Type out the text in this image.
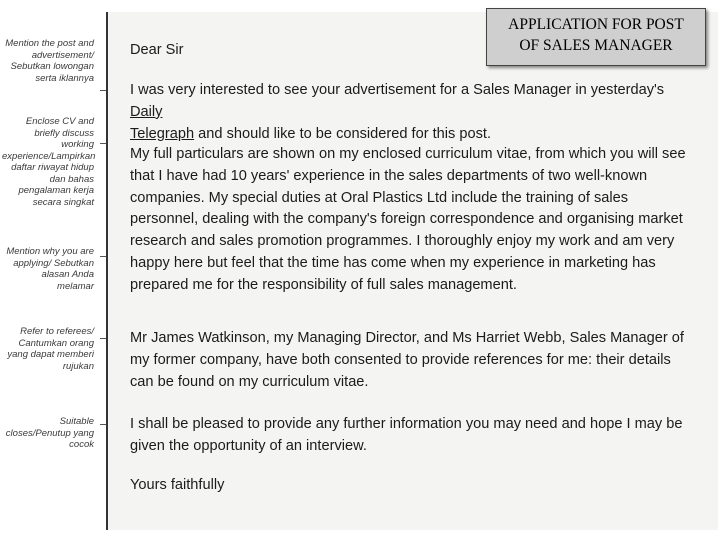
Mention the post and advertisement/ Sebutkan lowongan serta iklannya
Enclose CV and briefly discuss working experience/Lampirkan daftar riwayat hidup dan bahas pengalaman kerja secara singkat
Mention why you are applying/ Sebutkan alasan Anda melamar
Refer to referees/ Cantumkan orang yang dapat memberi rujukan
Suitable closes/Penutup yang cocok
Dear Sir
I was very interested to see your advertisement for a Sales Manager in yesterday's Daily
Telegraph and should like to be considered for this post.
My full particulars are shown on my enclosed curriculum vitae, from which you will see that I have had 10 years' experience in the sales departments of two well-known companies. My special duties at Oral Plastics Ltd include the training of sales personnel, dealing with the company's foreign correspondence and organising market research and sales promotion programmes. I thoroughly enjoy my work and am very happy here but feel that the time has come when my experience in marketing has prepared me for the responsibility of full sales management.
Mr James Watkinson, my Managing Director, and Ms Harriet Webb, Sales Manager of my former company, have both consented to provide references for me: their details can be found on my curriculum vitae.
I shall be pleased to provide any further information you may need and hope I may be given the opportunity of an interview.
Yours faithfully
APPLICATION FOR POST
OF SALES MANAGER
